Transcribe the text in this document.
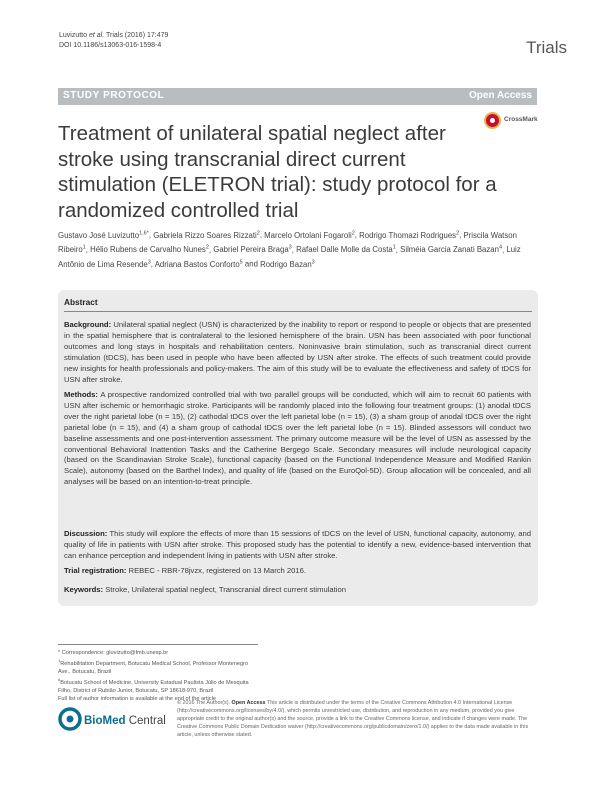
Luvizutto et al. Trials (2016) 17:479
DOI 10.1186/s13063-016-1598-4	Trials
STUDY PROTOCOL	Open Access
Treatment of unilateral spatial neglect after stroke using transcranial direct current stimulation (ELETRON trial): study protocol for a randomized controlled trial
CrossMark
Gustavo José Luvizutto$^{1,6*}$, Gabriela Rizzo Soares Rizzati$^2$, Marcelo Ortolani Fogaroli$^2$, Rodrigo Thomazi Rodrigues$^2$, Priscila Watson Ribeiro$^1$, Hélio Rubens de Carvalho Nunes$^2$, Gabriel Pereira Braga$^3$, Rafael Dalle Molle da Costa$^1$, Silméia Garcia Zanati Bazan$^4$, Luiz Antônio de Lima Resende$^3$, Adriana Bastos Conforto$^5$ and Rodrigo Bazan$^3$
Abstract

Background: Unilateral spatial neglect (USN) is characterized by the inability to report or respond to people or objects that are presented in the spatial hemisphere that is contralateral to the lesioned hemisphere of the brain. USN has been associated with poor functional outcomes and long stays in hospitals and rehabilitation centers. Noninvasive brain stimulation, such as transcranial direct current stimulation (tDCS), has been used in people who have been affected by USN after stroke. The effects of such treatment could provide new insights for health professionals and policy-makers. The aim of this study will be to evaluate the effectiveness and safety of tDCS for USN after stroke.

Methods: A prospective randomized controlled trial with two parallel groups will be conducted, which will aim to recruit 60 patients with USN after ischemic or hemorrhagic stroke. Participants will be randomly placed into the following four treatment groups: (1) anodal tDCS over the right parietal lobe (n = 15), (2) cathodal tDCS over the left parietal lobe (n = 15), (3) a sham group of anodal tDCS over the right parietal lobe (n = 15), and (4) a sham group of cathodal tDCS over the left parietal lobe (n = 15). Blinded assessors will conduct two baseline assessments and one post-intervention assessment. The primary outcome measure will be the level of USN as assessed by the conventional Behavioral Inattention Tasks and the Catherine Bergego Scale. Secondary measures will include neurological capacity (based on the Scandinavian Stroke Scale), functional capacity (based on the Functional Independence Measure and Modified Rankin Scale), autonomy (based on the Barthel Index), and quality of life (based on the EuroQol-5D). Group allocation will be concealed, and all analyses will be based on an intention-to-treat principle.

Discussion: This study will explore the effects of more than 15 sessions of tDCS on the level of USN, functional capacity, autonomy, and quality of life in patients with USN after stroke. This proposed study has the potential to identify a new, evidence-based intervention that can enhance perception and independent living in patients with USN after stroke.

Trial registration: REBEC - RBR-78jvzx, registered on 13 March 2016.

Keywords: Stroke, Unilateral spatial neglect, Transcranial direct current stimulation

* Correspondence: gluvizutto@fmb.unesp.br
$^1$Rehabilitation Department, Botucatu Medical School, Professor Montenegro Ave., Botucatu, Brazil
$^6$Botucatu School of Medicine, University Estadual Paulista Júlio de Mesquita Filho, District of Rubião Junior, Botucatu, SP 18618-970, Brazil
Full list of author information is available at the end of the article
BioMed Central
© 2016 The Author(s). Open Access This article is distributed under the terms of the Creative Commons Attribution 4.0 International License (http://creativecommons.org/licenses/by/4.0/), which permits unrestricted use, distribution, and reproduction in any medium, provided you give appropriate credit to the original author(s) and the source, provide a link to the Creative Commons license, and indicate if changes were made. The Creative Commons Public Domain Dedication waiver (http://creativecommons.org/publicdomain/zero/1.0/) applies to the data made available in this article, unless otherwise stated.
